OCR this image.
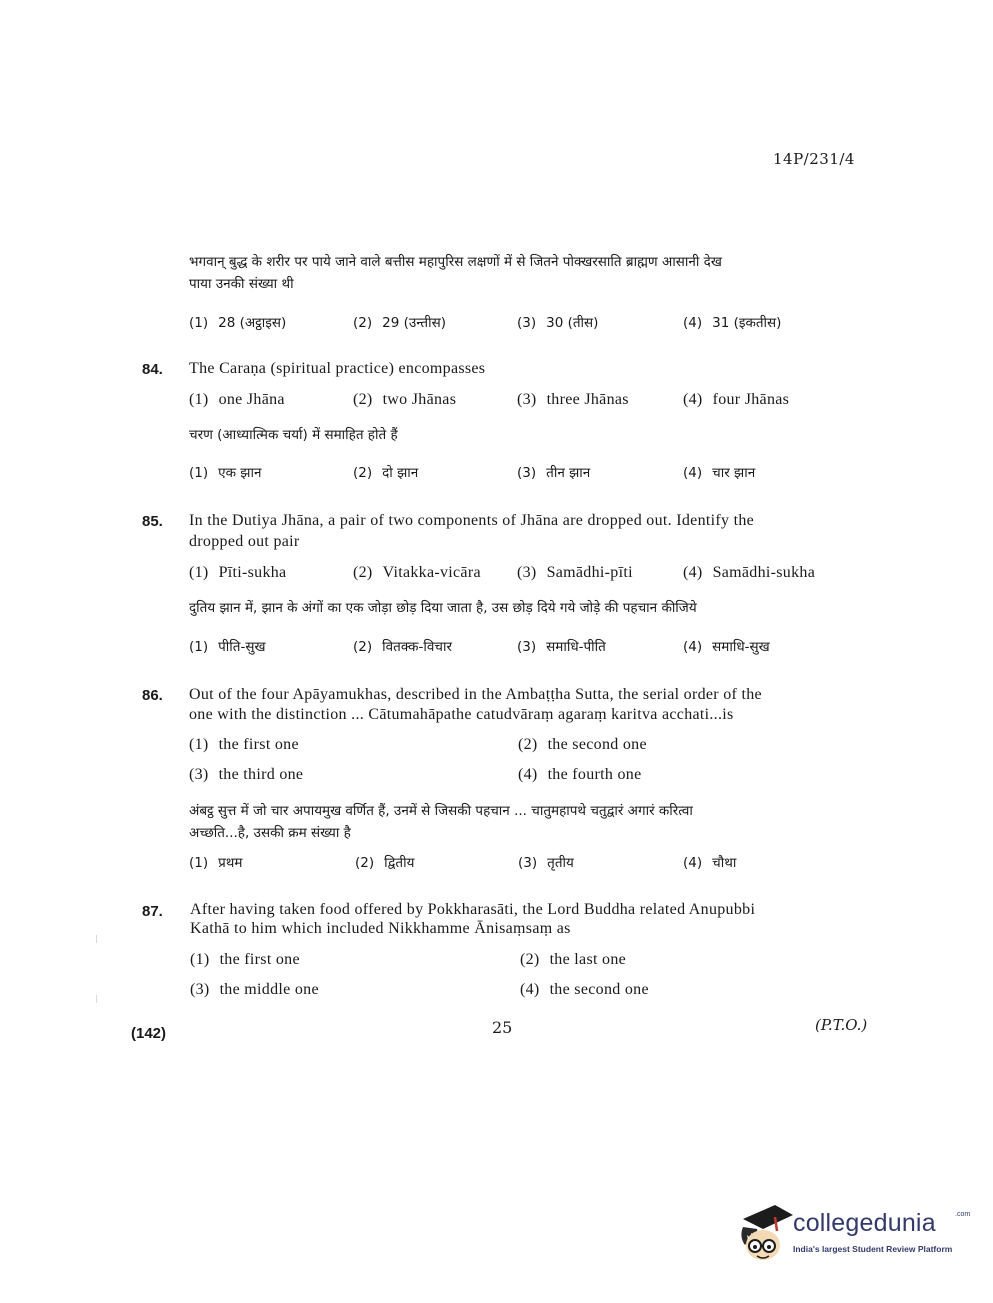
14P/231/4
भगवान् बुद्ध के शरीर पर पाये जाने वाले बत्तीस महापुरिस लक्षणों में से जितने पोक्खरसाति ब्राह्मण आसानी देख
पाया उनकी संख्या थी
(1) 28 (अट्ठाइस)	(2) 29 (उन्तीस)	(3) 30 (तीस)	(4) 31 (इकतीस)
84. The Caraṇa (spiritual practice) encompasses
(1) one Jhāna	(2) two Jhānas	(3) three Jhānas	(4) four Jhānas
चरण (आध्यात्मिक चर्या) में समाहित होते हैं
(1) एक झान	(2) दो झान	(3) तीन झान	(4) चार झान
85. In the Dutiya Jhāna, a pair of two components of Jhāna are dropped out. Identify the
dropped out pair
(1) Pīti-sukha	(2) Vitakka-vicāra (3) Samādhi-pīti	(4) Samādhi-sukha
दुतिय झान में, झान के अंगों का एक जोड़ा छोड़ दिया जाता है, उस छोड़ दिये गये जोड़े की पहचान कीजिये
(1) पीति-सुख	(2) वितक्क-विचार	(3) समाधि-पीति	(4) समाधि-सुख
86. Out of the four Apāyamukhas, described in the Ambaṭṭha Sutta, the serial order of the
one with the distinction ... Cātumahāpathe catudvāraṃ agaraṃ karitva acchati...is
(1) the first one	(2) the second one
(3) the third one	(4) the fourth one
अंबट्ठ सुत्त में जो चार अपायमुख वर्णित हैं, उनमें से जिसकी पहचान ... चातुमहापथे चतुद्वारं अगारं करित्वा
अच्छति...है, उसकी क्रम संख्या है
(1) प्रथम	(2) द्वितीय	(3) तृतीय	(4) चौथा
87. After having taken food offered by Pokkharasāti, the Lord Buddha related Anupubbi
Kathā to him which included Nikkhamme Ānisaṃsaṃ as
(1) the first one	(2) the last one
(3) the middle one	(4) the second one
(142)	25	(P.T.O.)
collegedunia	.com
India's largest Student Review Platform
